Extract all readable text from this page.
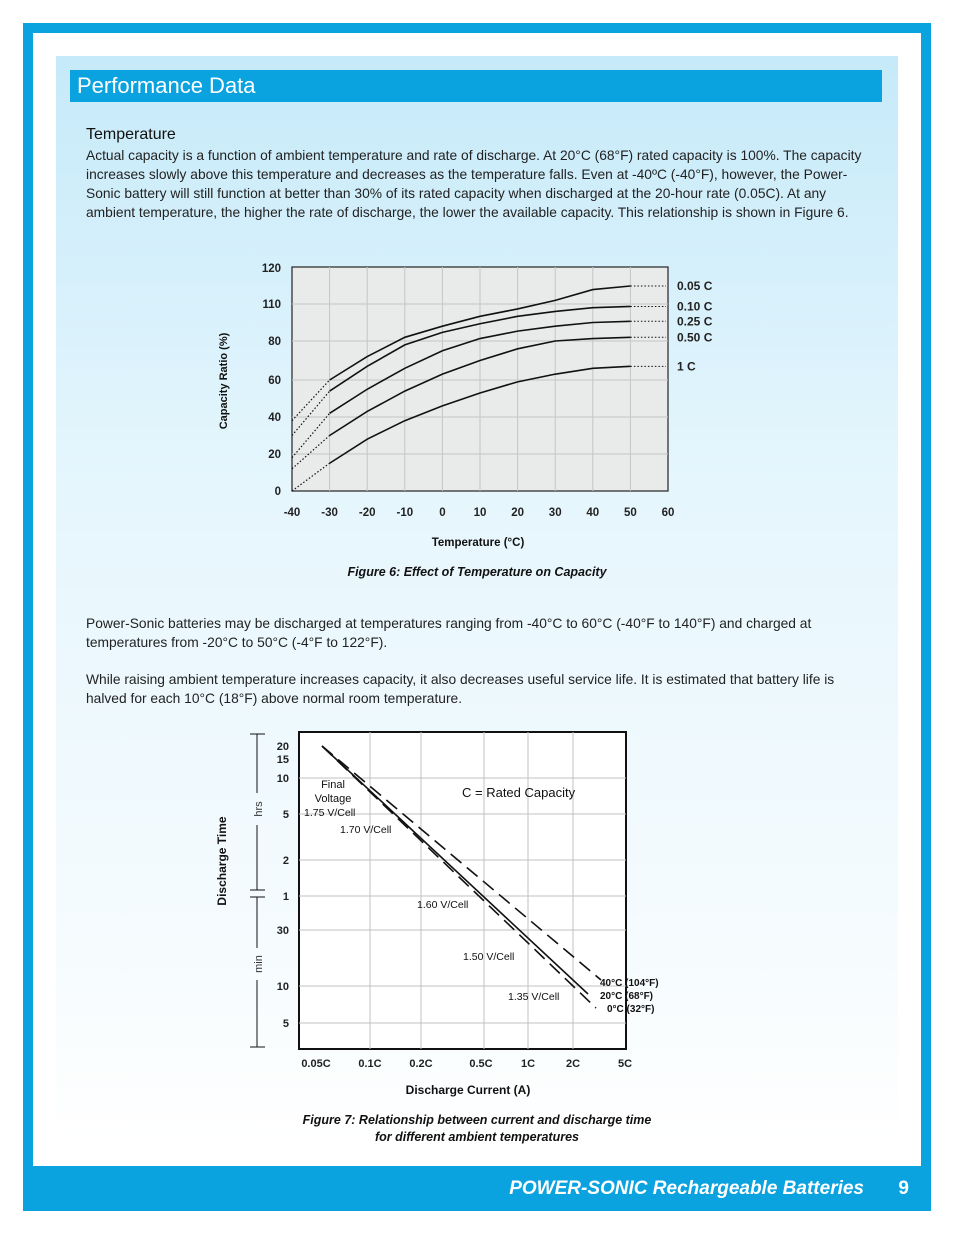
Performance Data
Temperature

Actual capacity is a function of ambient temperature and rate of discharge. At 20°C (68°F) rated capacity is 100%. The capacity increases slowly above this temperature and decreases as the temperature falls. Even at -40ºC (-40°F), however, the Power-Sonic battery will still function at better than 30% of its rated capacity when discharged at the 20-hour rate (0.05C). At any ambient temperature, the higher the rate of discharge, the lower the available capacity. This relationship is shown in Figure 6.

-40 -30 -20 -10 0 10 20 30 40 50 60
0
20
40
60
80
110
120
Temperature (°C)
Capacity Ratio (%)
0.05 C
0.10 C
0.25 C
0.50 C
1 C
Figure 6: Effect of Temperature on Capacity

Power-Sonic batteries may be discharged at temperatures ranging from -40°C to 60°C (-40°F to 140°F) and charged at temperatures from -20°C to 50°C (-4°F to 122°F).

While raising ambient temperature increases capacity, it also decreases useful service life. It is estimated that battery life is halved for each 10°C (18°F) above normal room temperature.

0.05C	0.1C	0.2C	0.5C	1C	2C	5C
20
15
10
5
2
1
30
10
5
Discharge Current (A)
Discharge Time
hrs
min
C = Rated Capacity
Final
Voltage
1.75 V/Cell
1.70 V/Cell
1.60 V/Cell
1.50 V/Cell
1.35 V/Cell
40°C (104°F)
20°C (68°F)
0°C (32°F)
Figure 7: Relationship between current and discharge time
for different ambient temperatures
POWER-SONIC Rechargeable Batteries 9
